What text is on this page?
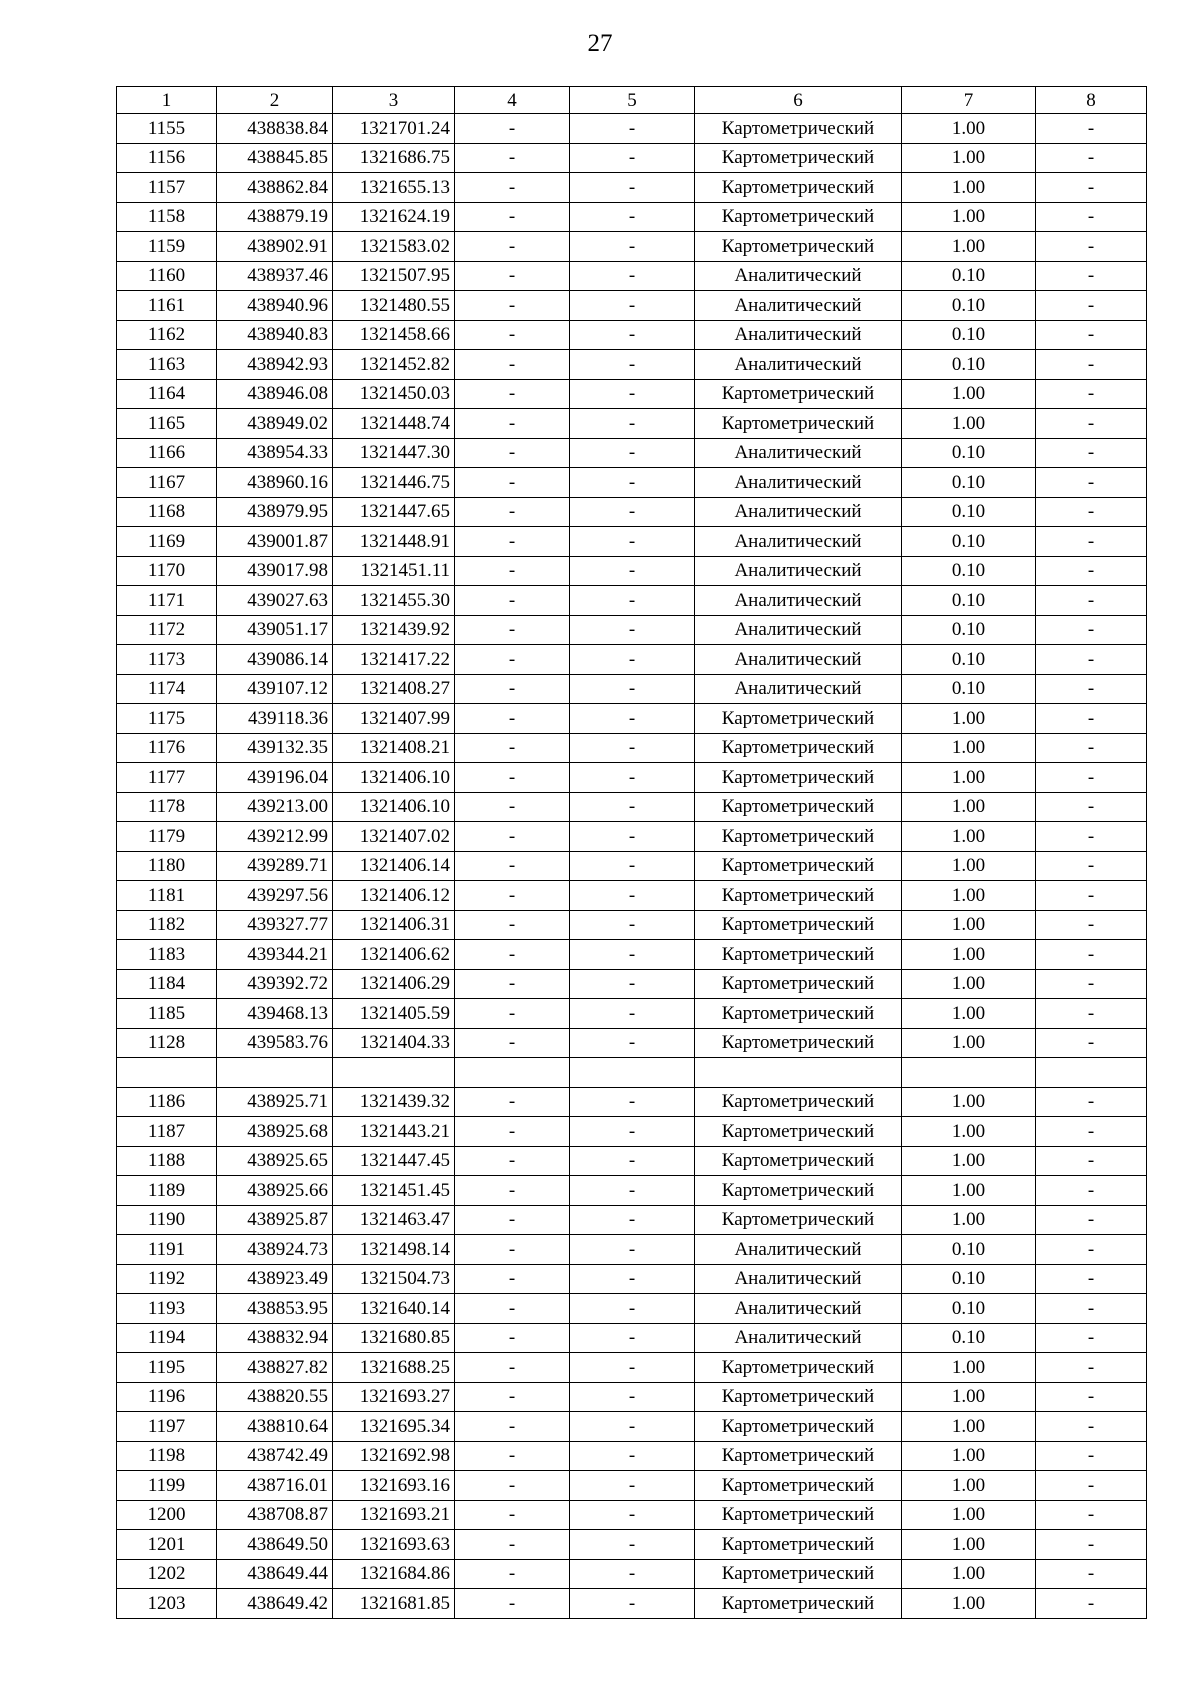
27
1	2	3	4	5	6	7	8
1155	438838.84	1321701.24	-	-	Картометрический	1.00	-
1156	438845.85	1321686.75	-	-	Картометрический	1.00	-
1157	438862.84	1321655.13	-	-	Картометрический	1.00	-
1158	438879.19	1321624.19	-	-	Картометрический	1.00	-
1159	438902.91	1321583.02	-	-	Картометрический	1.00	-
1160	438937.46	1321507.95	-	-	Аналитический	0.10	-
1161	438940.96	1321480.55	-	-	Аналитический	0.10	-
1162	438940.83	1321458.66	-	-	Аналитический	0.10	-
1163	438942.93	1321452.82	-	-	Аналитический	0.10	-
1164	438946.08	1321450.03	-	-	Картометрический	1.00	-
1165	438949.02	1321448.74	-	-	Картометрический	1.00	-
1166	438954.33	1321447.30	-	-	Аналитический	0.10	-
1167	438960.16	1321446.75	-	-	Аналитический	0.10	-
1168	438979.95	1321447.65	-	-	Аналитический	0.10	-
1169	439001.87	1321448.91	-	-	Аналитический	0.10	-
1170	439017.98	1321451.11	-	-	Аналитический	0.10	-
1171	439027.63	1321455.30	-	-	Аналитический	0.10	-
1172	439051.17	1321439.92	-	-	Аналитический	0.10	-
1173	439086.14	1321417.22	-	-	Аналитический	0.10	-
1174	439107.12	1321408.27	-	-	Аналитический	0.10	-
1175	439118.36	1321407.99	-	-	Картометрический	1.00	-
1176	439132.35	1321408.21	-	-	Картометрический	1.00	-
1177	439196.04	1321406.10	-	-	Картометрический	1.00	-
1178	439213.00	1321406.10	-	-	Картометрический	1.00	-
1179	439212.99	1321407.02	-	-	Картометрический	1.00	-
1180	439289.71	1321406.14	-	-	Картометрический	1.00	-
1181	439297.56	1321406.12	-	-	Картометрический	1.00	-
1182	439327.77	1321406.31	-	-	Картометрический	1.00	-
1183	439344.21	1321406.62	-	-	Картометрический	1.00	-
1184	439392.72	1321406.29	-	-	Картометрический	1.00	-
1185	439468.13	1321405.59	-	-	Картометрический	1.00	-
1128	439583.76	1321404.33	-	-	Картометрический	1.00	-

1186	438925.71	1321439.32	-	-	Картометрический	1.00	-
1187	438925.68	1321443.21	-	-	Картометрический	1.00	-
1188	438925.65	1321447.45	-	-	Картометрический	1.00	-
1189	438925.66	1321451.45	-	-	Картометрический	1.00	-
1190	438925.87	1321463.47	-	-	Картометрический	1.00	-
1191	438924.73	1321498.14	-	-	Аналитический	0.10	-
1192	438923.49	1321504.73	-	-	Аналитический	0.10	-
1193	438853.95	1321640.14	-	-	Аналитический	0.10	-
1194	438832.94	1321680.85	-	-	Аналитический	0.10	-
1195	438827.82	1321688.25	-	-	Картометрический	1.00	-
1196	438820.55	1321693.27	-	-	Картометрический	1.00	-
1197	438810.64	1321695.34	-	-	Картометрический	1.00	-
1198	438742.49	1321692.98	-	-	Картометрический	1.00	-
1199	438716.01	1321693.16	-	-	Картометрический	1.00	-
1200	438708.87	1321693.21	-	-	Картометрический	1.00	-
1201	438649.50	1321693.63	-	-	Картометрический	1.00	-
1202	438649.44	1321684.86	-	-	Картометрический	1.00	-
1203	438649.42	1321681.85	-	-	Картометрический	1.00	-
